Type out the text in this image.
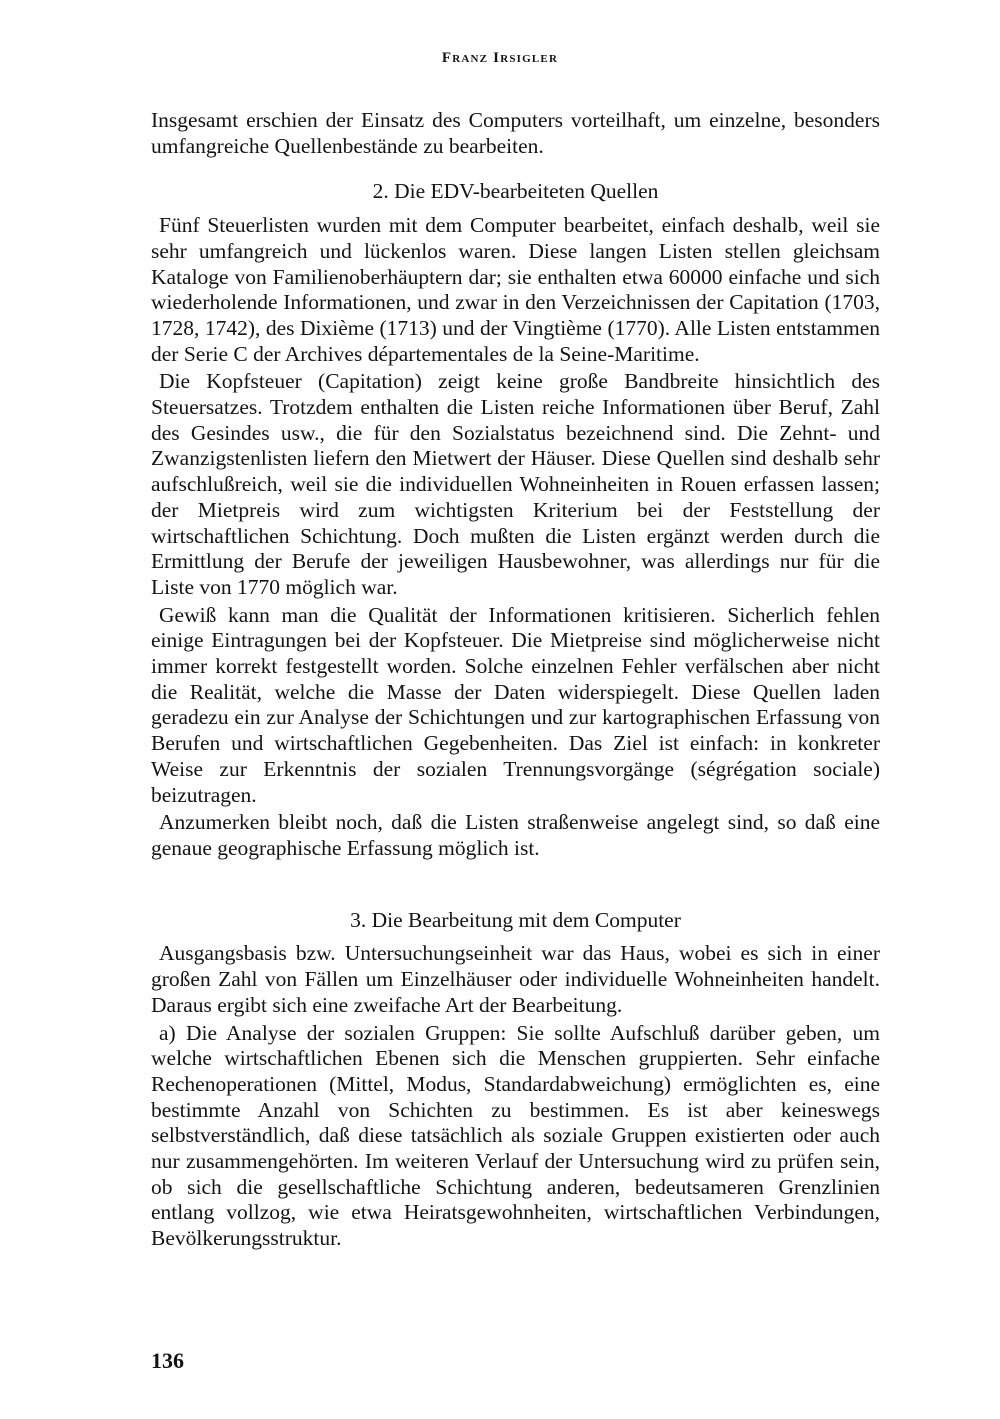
Franz Irsigler

Insgesamt erschien der Einsatz des Computers vorteilhaft, um einzelne, besonders umfangreiche Quellenbestände zu bearbeiten.

2. Die EDV-bearbeiteten Quellen

Fünf Steuerlisten wurden mit dem Computer bearbeitet, einfach deshalb, weil sie sehr umfangreich und lückenlos waren. Diese langen Listen stellen gleichsam Kataloge von Familienoberhäuptern dar; sie enthalten etwa 60000 einfache und sich wiederholende Informationen, und zwar in den Verzeichnissen der Capitation (1703, 1728, 1742), des Dixième (1713) und der Vingtième (1770). Alle Listen entstammen der Serie C der Archives départementales de la Seine-Maritime.

Die Kopfsteuer (Capitation) zeigt keine große Bandbreite hinsichtlich des Steuersatzes. Trotzdem enthalten die Listen reiche Informationen über Beruf, Zahl des Gesindes usw., die für den Sozialstatus bezeichnend sind. Die Zehnt- und Zwanzigstenlisten liefern den Mietwert der Häuser. Diese Quellen sind deshalb sehr aufschlußreich, weil sie die individuellen Wohneinheiten in Rouen erfassen lassen; der Mietpreis wird zum wichtigsten Kriterium bei der Feststellung der wirtschaftlichen Schichtung. Doch mußten die Listen ergänzt werden durch die Ermittlung der Berufe der jeweiligen Hausbewohner, was allerdings nur für die Liste von 1770 möglich war.

Gewiß kann man die Qualität der Informationen kritisieren. Sicherlich fehlen einige Eintragungen bei der Kopfsteuer. Die Mietpreise sind möglicherweise nicht immer korrekt festgestellt worden. Solche einzelnen Fehler verfälschen aber nicht die Realität, welche die Masse der Daten widerspiegelt. Diese Quellen laden geradezu ein zur Analyse der Schichtungen und zur kartographischen Erfassung von Berufen und wirtschaftlichen Gegebenheiten. Das Ziel ist einfach: in konkreter Weise zur Erkenntnis der sozialen Trennungsvorgänge (ségrégation sociale) beizutragen.

Anzumerken bleibt noch, daß die Listen straßenweise angelegt sind, so daß eine genaue geographische Erfassung möglich ist.

3. Die Bearbeitung mit dem Computer

Ausgangsbasis bzw. Untersuchungseinheit war das Haus, wobei es sich in einer großen Zahl von Fällen um Einzelhäuser oder individuelle Wohneinheiten handelt. Daraus ergibt sich eine zweifache Art der Bearbeitung.

a) Die Analyse der sozialen Gruppen: Sie sollte Aufschluß darüber geben, um welche wirtschaftlichen Ebenen sich die Menschen gruppierten. Sehr einfache Rechenoperationen (Mittel, Modus, Standardabweichung) ermöglichten es, eine bestimmte Anzahl von Schichten zu bestimmen. Es ist aber keineswegs selbstverständlich, daß diese tatsächlich als soziale Gruppen existierten oder auch nur zusammengehörten. Im weiteren Verlauf der Untersuchung wird zu prüfen sein, ob sich die gesellschaftliche Schichtung anderen, bedeutsameren Grenzlinien entlang vollzog, wie etwa Heiratsgewohnheiten, wirtschaftlichen Verbindungen, Bevölkerungsstruktur.

136
